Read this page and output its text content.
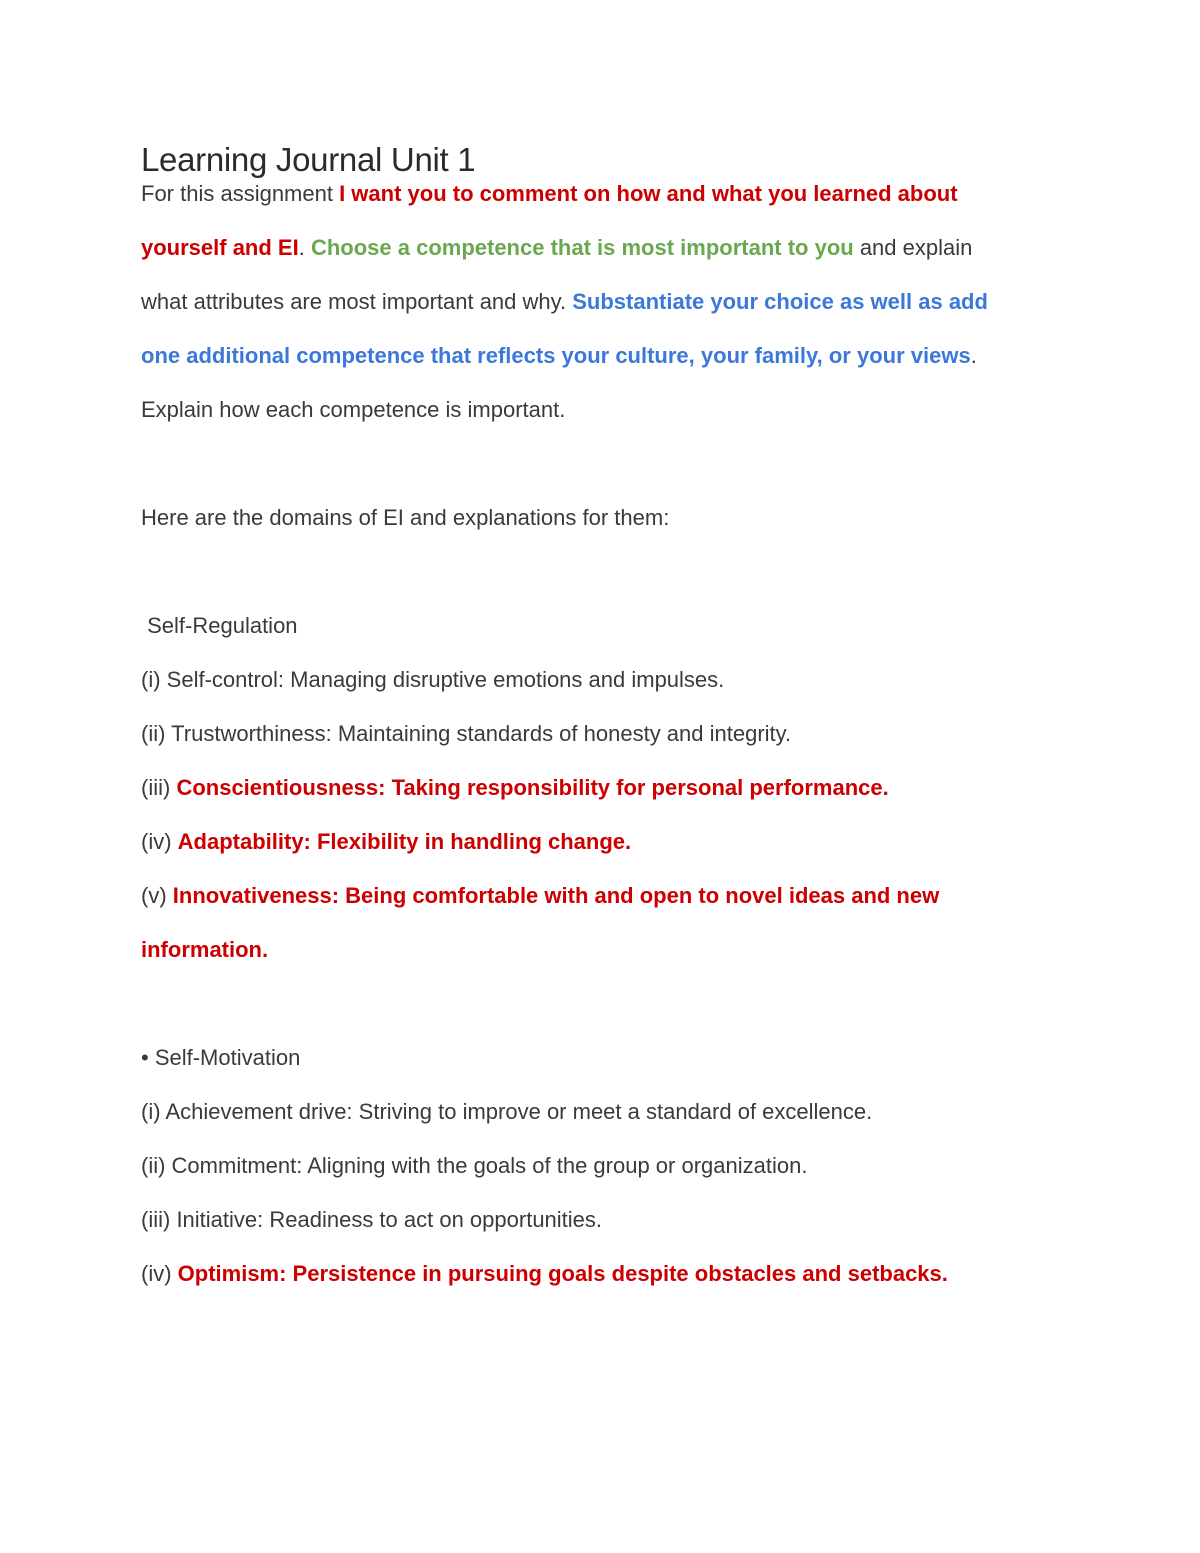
Learning Journal Unit 1

For this assignment I want you to comment on how and what you learned about

yourself and EI. Choose a competence that is most important to you and explain

what attributes are most important and why. Substantiate your choice as well as add

one additional competence that reflects your culture, your family, or your views.

Explain how each competence is important.

Here are the domains of EI and explanations for them:

Self-Regulation

(i) Self-control: Managing disruptive emotions and impulses.

(ii) Trustworthiness: Maintaining standards of honesty and integrity.

(iii) Conscientiousness: Taking responsibility for personal performance.

(iv) Adaptability: Flexibility in handling change.

(v) Innovativeness: Being comfortable with and open to novel ideas and new

information.

• Self-Motivation

(i) Achievement drive: Striving to improve or meet a standard of excellence.

(ii) Commitment: Aligning with the goals of the group or organization.

(iii) Initiative: Readiness to act on opportunities.

(iv) Optimism: Persistence in pursuing goals despite obstacles and setbacks.
